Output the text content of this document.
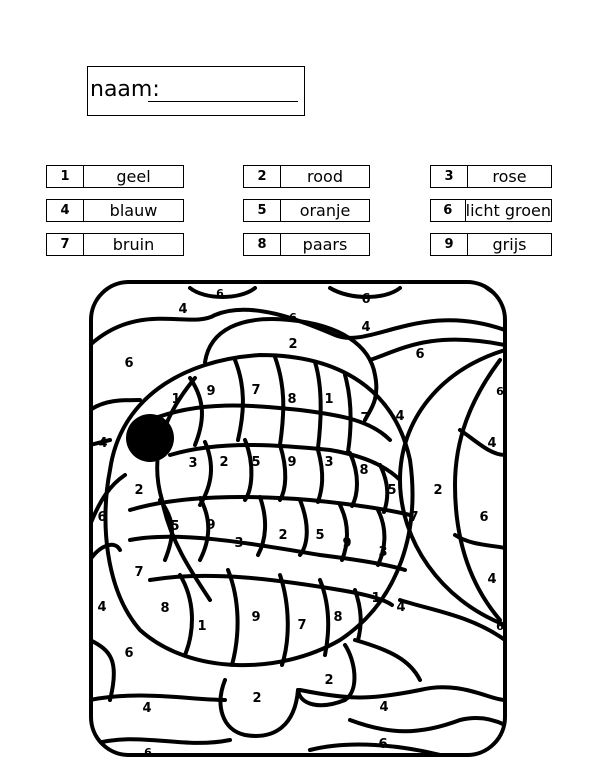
naam:
1	geel	2	rood	3	rose
4	blauw	5	oranje	6 licht groen
7	bruin	8	paars	9	grijs
6	6
4
6
4
2
6
6
9	7
8 1
1
7 4
6
4
3 2 5 9 3
8
5	2
4
2
6
5 9
3
2 5
9
3
7	6
7
8
1
9
7
8
1
4
4
4
6
6
2
2
4	4
6
6
